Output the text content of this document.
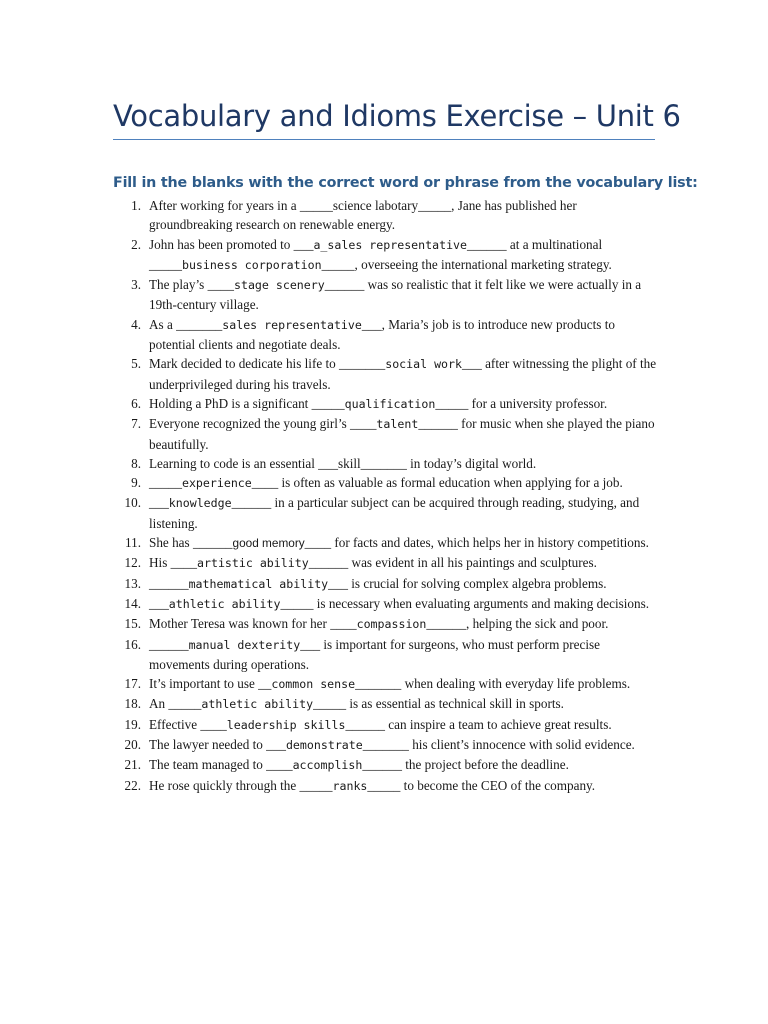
Vocabulary and Idioms Exercise – Unit 6
Fill in the blanks with the correct word or phrase from the vocabulary list:
1. After working for years in a _____science labotary_____, Jane has published her groundbreaking research on renewable energy.
2. John has been promoted to ___a_sales representative______ at a multinational _____business corporation_____, overseeing the international marketing strategy.
3. The play’s ____stage scenery______ was so realistic that it felt like we were actually in a 19th-century village.
4. As a _______sales representative___, Maria’s job is to introduce new products to potential clients and negotiate deals.
5. Mark decided to dedicate his life to _______social work___ after witnessing the plight of the underprivileged during his travels.
6. Holding a PhD is a significant _____qualification_____ for a university professor.
7. Everyone recognized the young girl’s ____talent______ for music when she played the piano beautifully.
8. Learning to code is an essential ___skill_______ in today’s digital world.
9. _____experience____ is often as valuable as formal education when applying for a job.
10. ___knowledge______ in a particular subject can be acquired through reading, studying, and listening.
11. She has ______good memory____ for facts and dates, which helps her in history competitions.
12. His ____artistic ability______ was evident in all his paintings and sculptures.
13. ______mathematical ability___ is crucial for solving complex algebra problems.
14. ___athletic ability_____ is necessary when evaluating arguments and making decisions.
15. Mother Teresa was known for her ____compassion______, helping the sick and poor.
16. ______manual dexterity___ is important for surgeons, who must perform precise movements during operations.
17. It’s important to use __common sense_______ when dealing with everyday life problems.
18. An _____athletic ability_____ is as essential as technical skill in sports.
19. Effective ____leadership skills______ can inspire a team to achieve great results.
20. The lawyer needed to ___demonstrate_______ his client’s innocence with solid evidence.
21. The team managed to ____accomplish______ the project before the deadline.
22. He rose quickly through the _____ranks_____ to become the CEO of the company.
